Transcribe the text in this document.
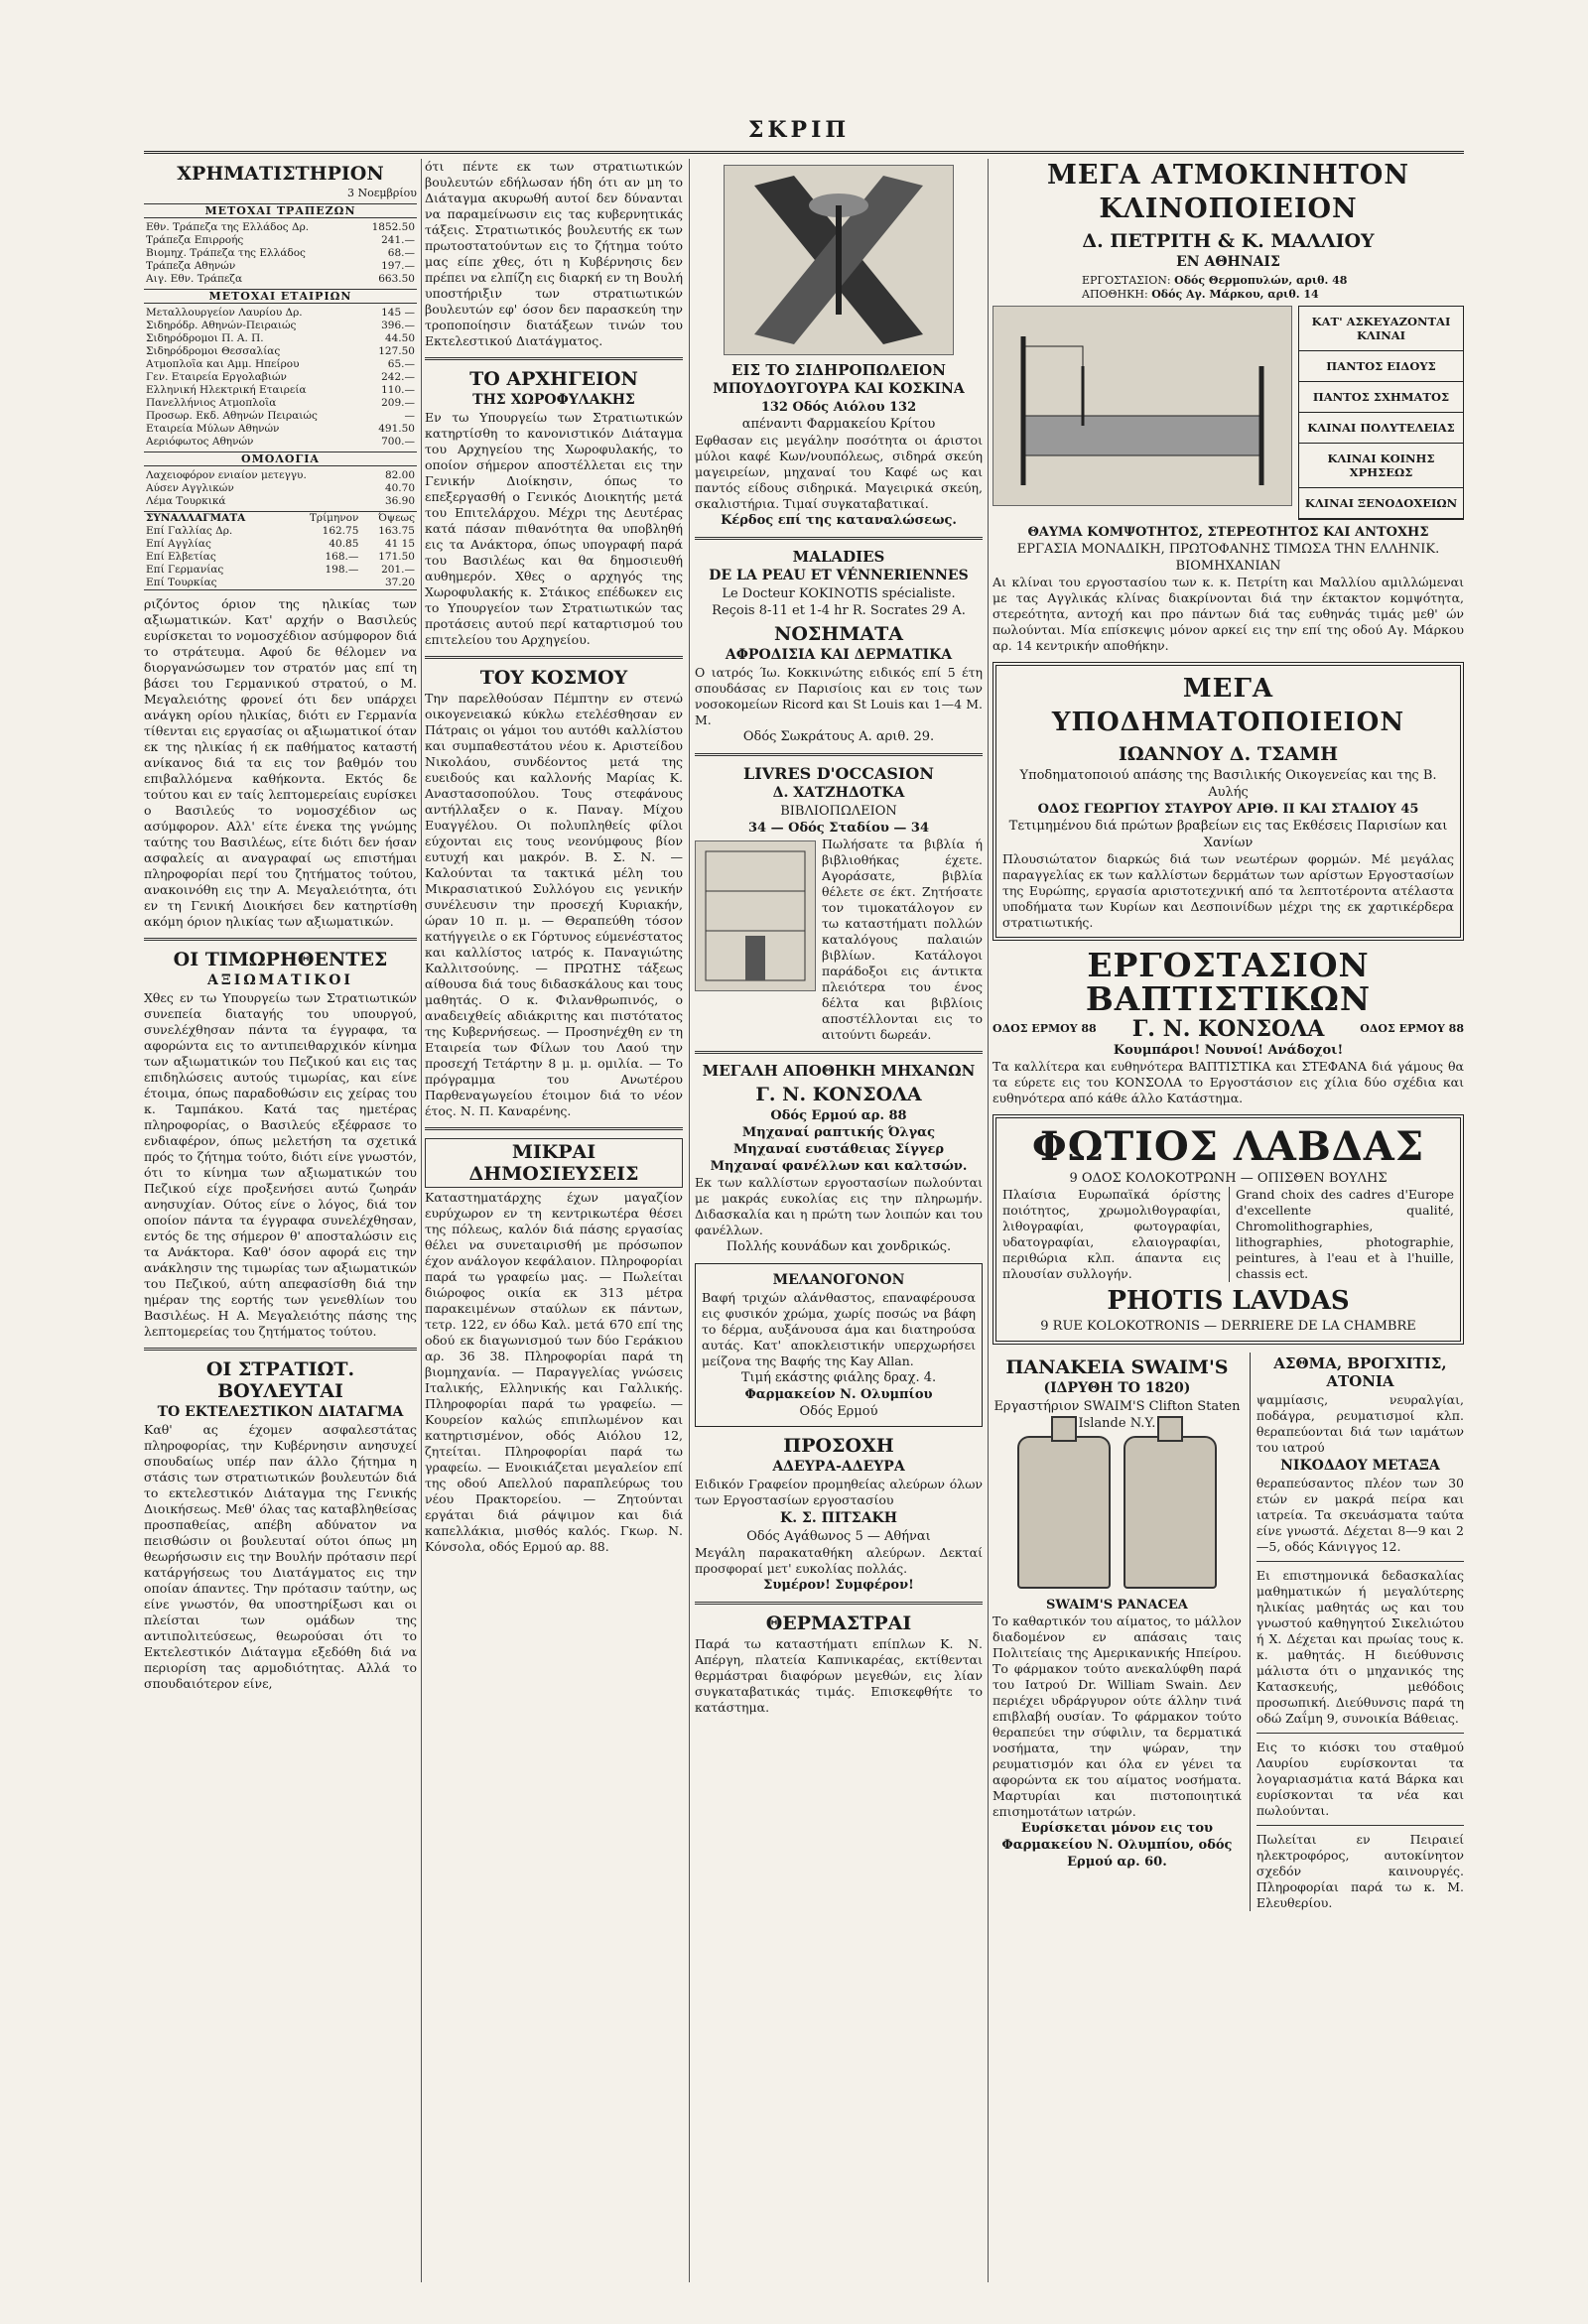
ΣΚΡΙΠ
ΧΡΗΜΑΤΙΣΤΗΡΙΟΝ
3 Νοεμβρίου
ΜΕΤΟΧΑΙ ΤΡΑΠΕΖΩΝ
Εθν. Τράπεζα της Ελλάδος Δρ.	1852.50
Τράπεζα Επιρροής	241.—
Βιομηχ. Τράπεζα της Ελλάδος	68.—
Τράπεζα Αθηνών	197.—
Αιγ. Εθν. Τράπεζα	663.50
ΜΕΤΟΧΑΙ ΕΤΑΙΡΙΩΝ
Μεταλλουργείον Λαυρίου Δρ.	145 —
Σιδηρόδρ. Αθηνών-Πειραιώς	396.—
Σιδηρόδρομοι Π. Α. Π.	44.50
Σιδηρόδρομοι Θεσσαλίας	127.50
Ατμοπλοΐα και Αμμ. Ηπείρου	65.—
Γεν. Εταιρεία Εργολαβιών	242.—
Ελληνική Ηλεκτρική Εταιρεία	110.—
Πανελλήνιος Ατμοπλοΐα	209.—
Προσωρ. Εκδ. Αθηνών Πειραιώς	—
Εταιρεία Μύλων Αθηνών	491.50
Αεριόφωτος Αθηνών	700.—
ΟΜΟΛΟΓΙΑ
Λαχειοφόρον ενιαίον μετεγγυ.	82.00
Αύσεν Αγγλικών	40.70
Λέμα Τουρκικά	36.90
ΣΥΝΑΛΛΑΓΜΑΤΑ	Τρίμηνον	Όψεως
Επί Γαλλίας Δρ.	162.75	163.75
Επί Αγγλίας	40.85	41 15
Επί Ελβετίας	168.—	171.50
Επί Γερμανίας	198.—	201.—
Επί Τουρκίας		37.20
ριζόντος όριον της ηλικίας των αξιωματικών. Κατ' αρχήν ο Βασιλεύς ευρίσκεται το νομοσχέδιον ασύμφορον διά το στράτευμα. Αφού δε θέλομεν να διοργανώσωμεν τον στρατόν μας επί τη βάσει του Γερμανικού στρατού, ο Μ. Μεγαλειότης φρονεί ότι δεν υπάρχει ανάγκη ορίου ηλικίας, διότι εν Γερμανία τίθενται εις εργασίας οι αξιωματικοί όταν εκ της ηλικίας ή εκ παθήματος καταστή ανίκανος διά τα εις τον βαθμόν του επιβαλλόμενα καθήκοντα. Εκτός δε τούτου και εν ταίς λεπτομερείαις ευρίσκει ο Βασιλεύς το νομοσχέδιον ως ασύμφορον. Αλλ' είτε ένεκα της γνώμης ταύτης του Βασιλέως, είτε διότι δεν ήσαν ασφαλείς αι αναγραφαί ως επιστήμαι πληροφορίαι περί του ζητήματος τούτου, ανακοινόθη εις την Α. Μεγαλειότητα, ότι εν τη Γενική Διοικήσει δεν κατηρτίσθη ακόμη όριον ηλικίας των αξιωματικών.
ΟΙ ΤΙΜΩΡΗΘΕΝΤΕΣ
ΑΞΙΩΜΑΤΙΚΟΙ
Χθες εν τω Υπουργείω των Στρατιωτικών συνεπεία διαταγής του υπουργού, συνελέχθησαν πάντα τα έγγραφα, τα αφορώντα εις το αντιπειθαρχικόν κίνημα των αξιωματικών του Πεζικού και εις τας επιδηλώσεις αυτούς τιμωρίας, και είνε έτοιμα, όπως παραδοθώσιν εις χείρας του κ. Ταμπάκου. Κατά τας ημετέρας πληροφορίας, ο Βασιλεύς εξέφρασε το ενδιαφέρον, όπως μελετήση τα σχετικά πρός το ζήτημα τούτο, διότι είνε γνωστόν, ότι το κίνημα των αξιωματικών του Πεζικού είχε προξενήσει αυτώ ζωηράν ανησυχίαν. Ούτος είνε ο λόγος, διά τον οποίον πάντα τα έγγραφα συνελέχθησαν, εντός δε της σήμερον θ' αποσταλώσιν εις τα Ανάκτορα. Καθ' όσον αφορά εις την ανάκλησιν της τιμωρίας των αξιωματικών του Πεζικού, αύτη απεφασίσθη διά την ημέραν της εορτής των γενεθλίων του Βασιλέως. Η Α. Μεγαλειότης πάσης της λεπτομερείας του ζητήματος τούτου.
ΟΙ ΣΤΡΑΤΙΩΤ. ΒΟΥΛΕΥΤΑΙ
ΤΟ ΕΚΤΕΛΕΣΤΙΚΟΝ ΔΙΑΤΑΓΜΑ
Καθ' ας έχομεν ασφαλεστάτας πληροφορίας, την Κυβέρνησιν ανησυχεί σπουδαίως υπέρ παν άλλο ζήτημα η στάσις των στρατιωτικών βουλευτών διά το εκτελεστικόν Διάταγμα της Γενικής Διοικήσεως. Μεθ' όλας τας καταβληθείσας προσπαθείας, απέβη αδύνατον να πεισθώσιν οι βουλευταί ούτοι όπως μη θεωρήσωσιν εις την Βουλήν πρότασιν περί κατάργήσεως του Διατάγματος εις την οποίαν άπαντες. Την πρότασιν ταύτην, ως είνε γνωστόν, θα υποστηρίξωσι και οι πλείσται των ομάδων της αντιπολιτεύσεως, θεωρούσαι ότι το Εκτελεστικόν Διάταγμα εξεδόθη διά να περιορίση τας αρμοδιότητας. Αλλά το σπουδαιότερον είνε,
ότι πέντε εκ των στρατιωτικών βουλευτών εδήλωσαν ήδη ότι αν μη το Διάταγμα ακυρωθή αυτοί δεν δύνανται να παραμείνωσιν εις τας κυβερνητικάς τάξεις. Στρατιωτικός βουλευτής εκ των πρωτοστατούντων εις το ζήτημα τούτο μας είπε χθες, ότι η Κυβέρνησις δεν πρέπει να ελπίζη εις διαρκή εν τη Βουλή υποστήριξιν των στρατιωτικών βουλευτών εφ' όσον δεν παρασκεύη την τροποποίησιν διατάξεων τινών του Εκτελεστικού Διατάγματος.
ΤΟ ΑΡΧΗΓΕΙΟΝ
ΤΗΣ ΧΩΡΟΦΥΛΑΚΗΣ
Εν τω Υπουργείω των Στρατιωτικών κατηρτίσθη το κανονιστικόν Διάταγμα του Αρχηγείου της Χωροφυλακής, το οποίον σήμερον αποστέλλεται εις την Γενικήν Διοίκησιν, όπως το επεξεργασθή ο Γενικός Διοικητής μετά του Επιτελάρχου. Μέχρι της Δευτέρας κατά πάσαν πιθανότητα θα υποβληθή εις τα Ανάκτορα, όπως υπογραφή παρά του Βασιλέως και θα δημοσιευθή αυθημερόν. Χθες ο αρχηγός της Χωροφυλακής κ. Στάικος επέδωκεν εις το Υπουργείον των Στρατιωτικών τας προτάσεις αυτού περί καταρτισμού του επιτελείου του Αρχηγείου.
ΤΟΥ ΚΟΣΜΟΥ
Την παρελθούσαν Πέμπτην εν στενώ οικογενειακώ κύκλω ετελέσθησαν εν Πάτραις οι γάμοι του αυτόθι καλλίστου και συμπαθεστάτου νέου κ. Αριστείδου Νικολάου, συνδέοντος μετά της ευειδούς και καλλονής Μαρίας Κ. Αναστασοπούλου. Τους στεφάνους αντήλλαξεν ο κ. Παναγ. Μίχου Ευαγγέλου. Οι πολυπληθείς φίλοι εύχονται εις τους νεονύμφους βίον ευτυχή και μακρόν. Β. Σ. Ν. — Καλούνται τα τακτικά μέλη του Μικρασιατικού Συλλόγου εις γενικήν συνέλευσιν την προσεχή Κυριακήν, ώραν 10 π. μ. — Θεραπεύθη τόσον κατήγγειλε ο εκ Γόρτυνος εύμενέστατος και καλλίστος ιατρός κ. Παναγιώτης Καλλιτσούνης. — ΠΡΩΤΗΣ τάξεως αίθουσα διά τους διδασκάλους και τους μαθητάς. Ο κ. Φιλανθρωπινός, ο αναδειχθείς αδιάκριτης και πιστότατος της Κυβερνήσεως. — Προσηνέχθη εν τη Εταιρεία των Φίλων του Λαού την προσεχή Τετάρτην 8 μ. μ. ομιλία. — Το πρόγραμμα του Ανωτέρου Παρθεναγωγείου έτοιμον διά το νέον έτος. Ν. Π. Καναρένης.
ΜΙΚΡΑΙ ΔΗΜΟΣΙΕΥΣΕΙΣ
Καταστηματάρχης έχων μαγαζίον ευρύχωρον εν τη κεντρικωτέρα θέσει της πόλεως, καλόν διά πάσης εργασίας θέλει να συνεταιρισθή με πρόσωπον έχον ανάλογον κεφάλαιον. Πληροφορίαι παρά τω γραφείω μας. — Πωλείται διώροφος οικία εκ 313 μέτρα παρακειμένων σταύλων εκ πάντων, τετρ. 122, εν όδω Καλ. μετά 670 επί της οδού εκ διαγωνισμού των δύο Γεράκιου αρ. 36 38. Πληροφορίαι παρά τη βιομηχανία. — Παραγγελίας γνώσεις Ιταλικής, Ελληνικής και Γαλλικής. Πληροφορίαι παρά τω γραφείω. — Κουρείον καλώς επιπλωμένον και κατηρτισμένον, οδός Αιόλου 12, ζητείται. Πληροφορίαι παρά τω γραφείω. — Ενοικιάζεται μεγαλείον επί της οδού Απελλού παραπλεύρως του νέου Πρακτορείου. — Ζητούνται εργάται διά ράψιμον και διά καπελλάκια, μισθός καλός. Γκωρ. Ν. Κόνσολα, οδός Ερμού αρ. 88.
ΕΙΣ ΤΟ ΣΙΔΗΡΟΠΩΛΕΙΟΝ
ΜΠΟΥΔΟΥΓΟΥΡΑ ΚΑΙ ΚΟΣΚΙΝΑ
132 Οδός Αιόλου 132
απέναντι Φαρμακείου Κρίτου
Εφθασαν εις μεγάλην ποσότητα οι άριστοι μύλοι καφέ Κων/νουπόλεως, σιδηρά σκεύη μαγειρείων, μηχαναί του Καφέ ως και παντός είδους σιδηρικά. Μαγειρικά σκεύη, σκαλιστήρια. Τιμαί συγκαταβατικαί.
Κέρδος επί της καταναλώσεως.
MALADIES
DE LA PEAU ET VÉNNERIENNES
Le Docteur KOKINOTIS spécialiste.
Reçois 8-11 et 1-4 hr R. Socrates 29 A.
ΝΟΣΗΜΑΤΑ
ΑΦΡΟΔΙΣΙΑ ΚΑΙ ΔΕΡΜΑΤΙΚΑ
Ο ιατρός Ίω. Κοκκινώτης ειδικός επί 5 έτη σπουδάσας εν Παρισίοις και εν τοις των νοσοκομείων Ricord και St Louis και 1—4 Μ. Μ.
Οδός Σωκράτους Α. αριθ. 29.
LIVRES D'OCCASION
Δ. ΧΑΤΖΗΔΟΤΚΑ
ΒΙΒΛΙΟΠΩΛΕΙΟΝ
34 — Οδός Σταδίου — 34
Πωλήσατε τα βιβλία ή βιβλιοθήκας έχετε. Αγοράσατε, βιβλία θέλετε σε έκτ. Ζητήσατε τον τιμοκατάλογον εν τω καταστήματι πολλών καταλόγους παλαιών βιβλίων. Κατάλογοι παράδοξοι εις άντικτα πλειότερα του ένος δέλτα και βιβλίοις αποστέλλονται εις το αιτούντι δωρεάν.
ΜΕΓΑΛΗ ΑΠΟΘΗΚΗ ΜΗΧΑΝΩΝ
Γ. Ν. ΚΟΝΣΟΛΑ
Οδός Ερμού αρ. 88
Μηχαναί ραπτικής Όλγας
Μηχαναί ευστάθειας Σίγγερ
Μηχαναί φανέλλων και καλτσών.
Εκ των καλλίστων εργοστασίων πωλούνται με μακράς ευκολίας εις την πληρωμήν. Διδασκαλία και η πρώτη των λοιπών και του φανέλλων.
Πολλής κουνάδων και χονδρικώς.
ΜΕΛΑΝΟΓΟΝΟΝ
Βαφή τριχών αλάνθαστος, επαναφέρουσα εις φυσικόν χρώμα, χωρίς ποσώς να βάφη το δέρμα, αυξάνουσα άμα και διατηρούσα αυτάς. Κατ' αποκλειστικήν υπερχωρήσει μείζονα της Βαφής της Kay Allan.
Τιμή εκάστης φιάλης δραχ. 4.
Φαρμακείον Ν. Ολυμπίου
Οδός Ερμού
ΠΡΟΣΟΧΗ
ΑΔΕΥΡΑ-ΑΔΕΥΡΑ
Ειδικόν Γραφείον προμηθείας αλεύρων όλων των Εργοστασίων εργοστασίου
Κ. Σ. ΠΙΤΣΑΚΗ
Οδός Αγάθωνος 5 — Αθήναι
Μεγάλη παρακαταθήκη αλεύρων. Δεκταί προσφοραί μετ' ευκολίας πολλάς.
Συμέρον! Συμφέρον!
ΘΕΡΜΑΣΤΡΑΙ
Παρά τω καταστήματι επίπλων Κ. Ν. Απέργη, πλατεία Καπνικαρέας, εκτίθενται θερμάστραι διαφόρων μεγεθών, εις λίαν συγκαταβατικάς τιμάς. Επισκεφθήτε το κατάστημα.
ΜΕΓΑ ΑΤΜΟΚΙΝΗΤΟΝ ΚΛΙΝΟΠΟΙΕΙΟΝ
Δ. ΠΕΤΡΙΤΗ & Κ. ΜΑΛΛΙΟΥ
ΕΝ ΑΘΗΝΑΙΣ
ΕΡΓΟΣΤΑΣΙΟΝ: Οδός Θερμοπυλών, αριθ. 48
ΑΠΟΘΗΚΗ: Οδός Αγ. Μάρκου, αριθ. 14
ΚΑΤ' ΑΣΚΕΥΑΖΟΝΤΑΙ ΚΛΙΝΑΙ
ΠΑΝΤΟΣ ΕΙΔΟΥΣ
ΠΑΝΤΟΣ ΣΧΗΜΑΤΟΣ
ΚΛΙΝΑΙ ΠΟΛΥΤΕΛΕΙΑΣ
ΚΛΙΝΑΙ ΚΟΙΝΗΣ ΧΡΗΣΕΩΣ
ΚΛΙΝΑΙ ΞΕΝΟΔΟΧΕΙΩΝ
ΘΑΥΜΑ ΚΟΜΨΟΤΗΤΟΣ, ΣΤΕΡΕΟΤΗΤΟΣ ΚΑΙ ΑΝΤΟΧΗΣ
ΕΡΓΑΣΙΑ ΜΟΝΑΔΙΚΗ, ΠΡΩΤΟΦΑΝΗΣ ΤΙΜΩΣΑ ΤΗΝ ΕΛΛΗΝΙΚ. ΒΙΟΜΗΧΑΝΙΑΝ
Αι κλίναι του εργοστασίου των κ. κ. Πετρίτη και Μαλλίου αμιλλώμεναι με τας Αγγλικάς κλίνας διακρίνονται διά την έκτακτον κομψότητα, στερεότητα, αντοχή και προ πάντων διά τας ευθηνάς τιμάς μεθ' ών πωλούνται. Μία επίσκεψις μόνον αρκεί εις την επί της οδού Αγ. Μάρκου αρ. 14 κεντρικήν αποθήκην.
ΜΕΓΑ ΥΠΟΔΗΜΑΤΟΠΟΙΕΙΟΝ
ΙΩΑΝΝΟΥ Δ. ΤΣΑΜΗ
Υποδηματοποιού απάσης της Βασιλικής Οικογενείας και της Β. Αυλής
ΟΔΟΣ ΓΕΩΡΓΙΟΥ ΣΤΑΥΡΟΥ ΑΡΙΘ. II ΚΑΙ ΣΤΑΔΙΟΥ 45
Τετιμημένου διά πρώτων βραβείων εις τας Εκθέσεις Παρισίων και Χανίων
Πλουσιώτατον διαρκώς διά των νεωτέρων φορμών. Μέ μεγάλας παραγγελίας εκ των καλλίστων δερμάτων των αρίστων Εργοστασίων της Ευρώπης, εργασία αριστοτεχνική από τα λεπτοτέροντα ατέλαστα υποδήματα των Κυρίων και Δεσποινίδων μέχρι της εκ χαρτικέρδερα στρατιωτικής.
ΕΡΓΟΣΤΑΣΙΟΝ ΒΑΠΤΙΣΤΙΚΩΝ
ΟΔΟΣ ΕΡΜΟΥ 88 Γ. Ν. ΚΟΝΣΟΛΑ	ΟΔΟΣ ΕΡΜΟΥ 88
Κουμπάροι! Νουνοί! Ανάδοχοι!
Τα καλλίτερα και ευθηνότερα ΒΑΠΤΙΣΤΙΚΑ και ΣΤΕΦΑΝΑ διά γάμους θα τα εύρετε εις του ΚΟΝΣΟΛΑ το Εργοστάσιον εις χίλια δύο σχέδια και ευθηνότερα από κάθε άλλο Κατάστημα.
ΦΩΤΙΟΣ ΛΑΒΔΑΣ
9 ΟΔΟΣ ΚΟΛΟΚΟΤΡΩΝΗ — ΟΠΙΣΘΕΝ ΒΟΥΛΗΣ
Πλαίσια Ευρωπαϊκά όρίστης ποιότητος, χρωμολιθογραφίαι, λιθογραφίαι, φωτογραφίαι, υδατογραφίαι, ελαιογραφίαι, περιθώρια κλπ. άπαντα εις πλουσίαν συλλογήν.
Grand choix des cadres d'Europe d'excellente qualité, Chromolithographies, lithographies, photographie, peintures, à l'eau et à l'huille, chassis ect.
PHOTIS LAVDAS
9 RUE KOLOKOTRONIS — DERRIERE DE LA CHAMBRE
ΠΑΝΑΚΕΙΑ SWAIM'S
(ΙΔΡΥΘΗ ΤΟ 1820)
Εργαστήριον SWAIM'S Clifton Staten Islande N.Y.

SWAIM'S PANACEA
Το καθαρτικόν του αίματος, το μάλλον διαδομένον εν απάσαις ταις Πολιτείαις της Αμερικανικής Ηπείρου. Το φάρμακον τούτο ανεκαλύφθη παρά του Ιατρού Dr. William Swain. Δεν περιέχει υδράργυρον ούτε άλλην τινά επιβλαβή ουσίαν. Το φάρμακον τούτο θεραπεύει την σύφιλιν, τα δερματικά νοσήματα, την ψώραν, την ρευματισμόν και όλα εν γένει τα αφορώντα εκ του αίματος νοσήματα. Μαρτυρίαι και πιστοποιητικά επισημοτάτων ιατρών.
Ευρίσκεται μόνον εις του Φαρμακείου Ν. Ολυμπίου, οδός Ερμού αρ. 60.
ΑΣΘΜΑ, ΒΡΟΓΧΙΤΙΣ, ΑΤΟΝΙΑ
ψαμμίασις, νευραλγίαι, ποδάγρα, ρευματισμοί κλπ. θεραπεύονται διά των ιαμάτων του ιατρού
ΝΙΚΟΔΑΟΥ ΜΕΤΑΞΑ
θεραπεύσαντος πλέον των 30 ετών εν μακρά πείρα και ιατρεία. Τα σκευάσματα ταύτα είνε γνωστά. Δέχεται 8—9 και 2—5, οδός Κάνιγγος 12.
Ει επιστημονικά δεδασκαλίας μαθηματικών ή μεγαλύτερης ηλικίας μαθητάς ως και του γνωστού καθηγητού Σικελιώτου ή Χ. Δέχεται και πρωίας τους κ. κ. μαθητάς. Η διεύθυνσις μάλιστα ότι ο μηχανικός της Κατασκευής, μεθόδοις προσωπική. Διεύθυνσις παρά τη οδώ Ζαΐμη 9, συνοικία Βάθειας.
Εις το κιόσκι του σταθμού Λαυρίου ευρίσκονται τα λογαριασμάτια κατά Βάρκα και ευρίσκονται τα νέα και πωλούνται.
Πωλείται εν Πειραιεί ηλεκτροφόρος, αυτοκίνητον σχεδόν καινουργές. Πληροφορίαι παρά τω κ. Μ. Ελευθερίου.
